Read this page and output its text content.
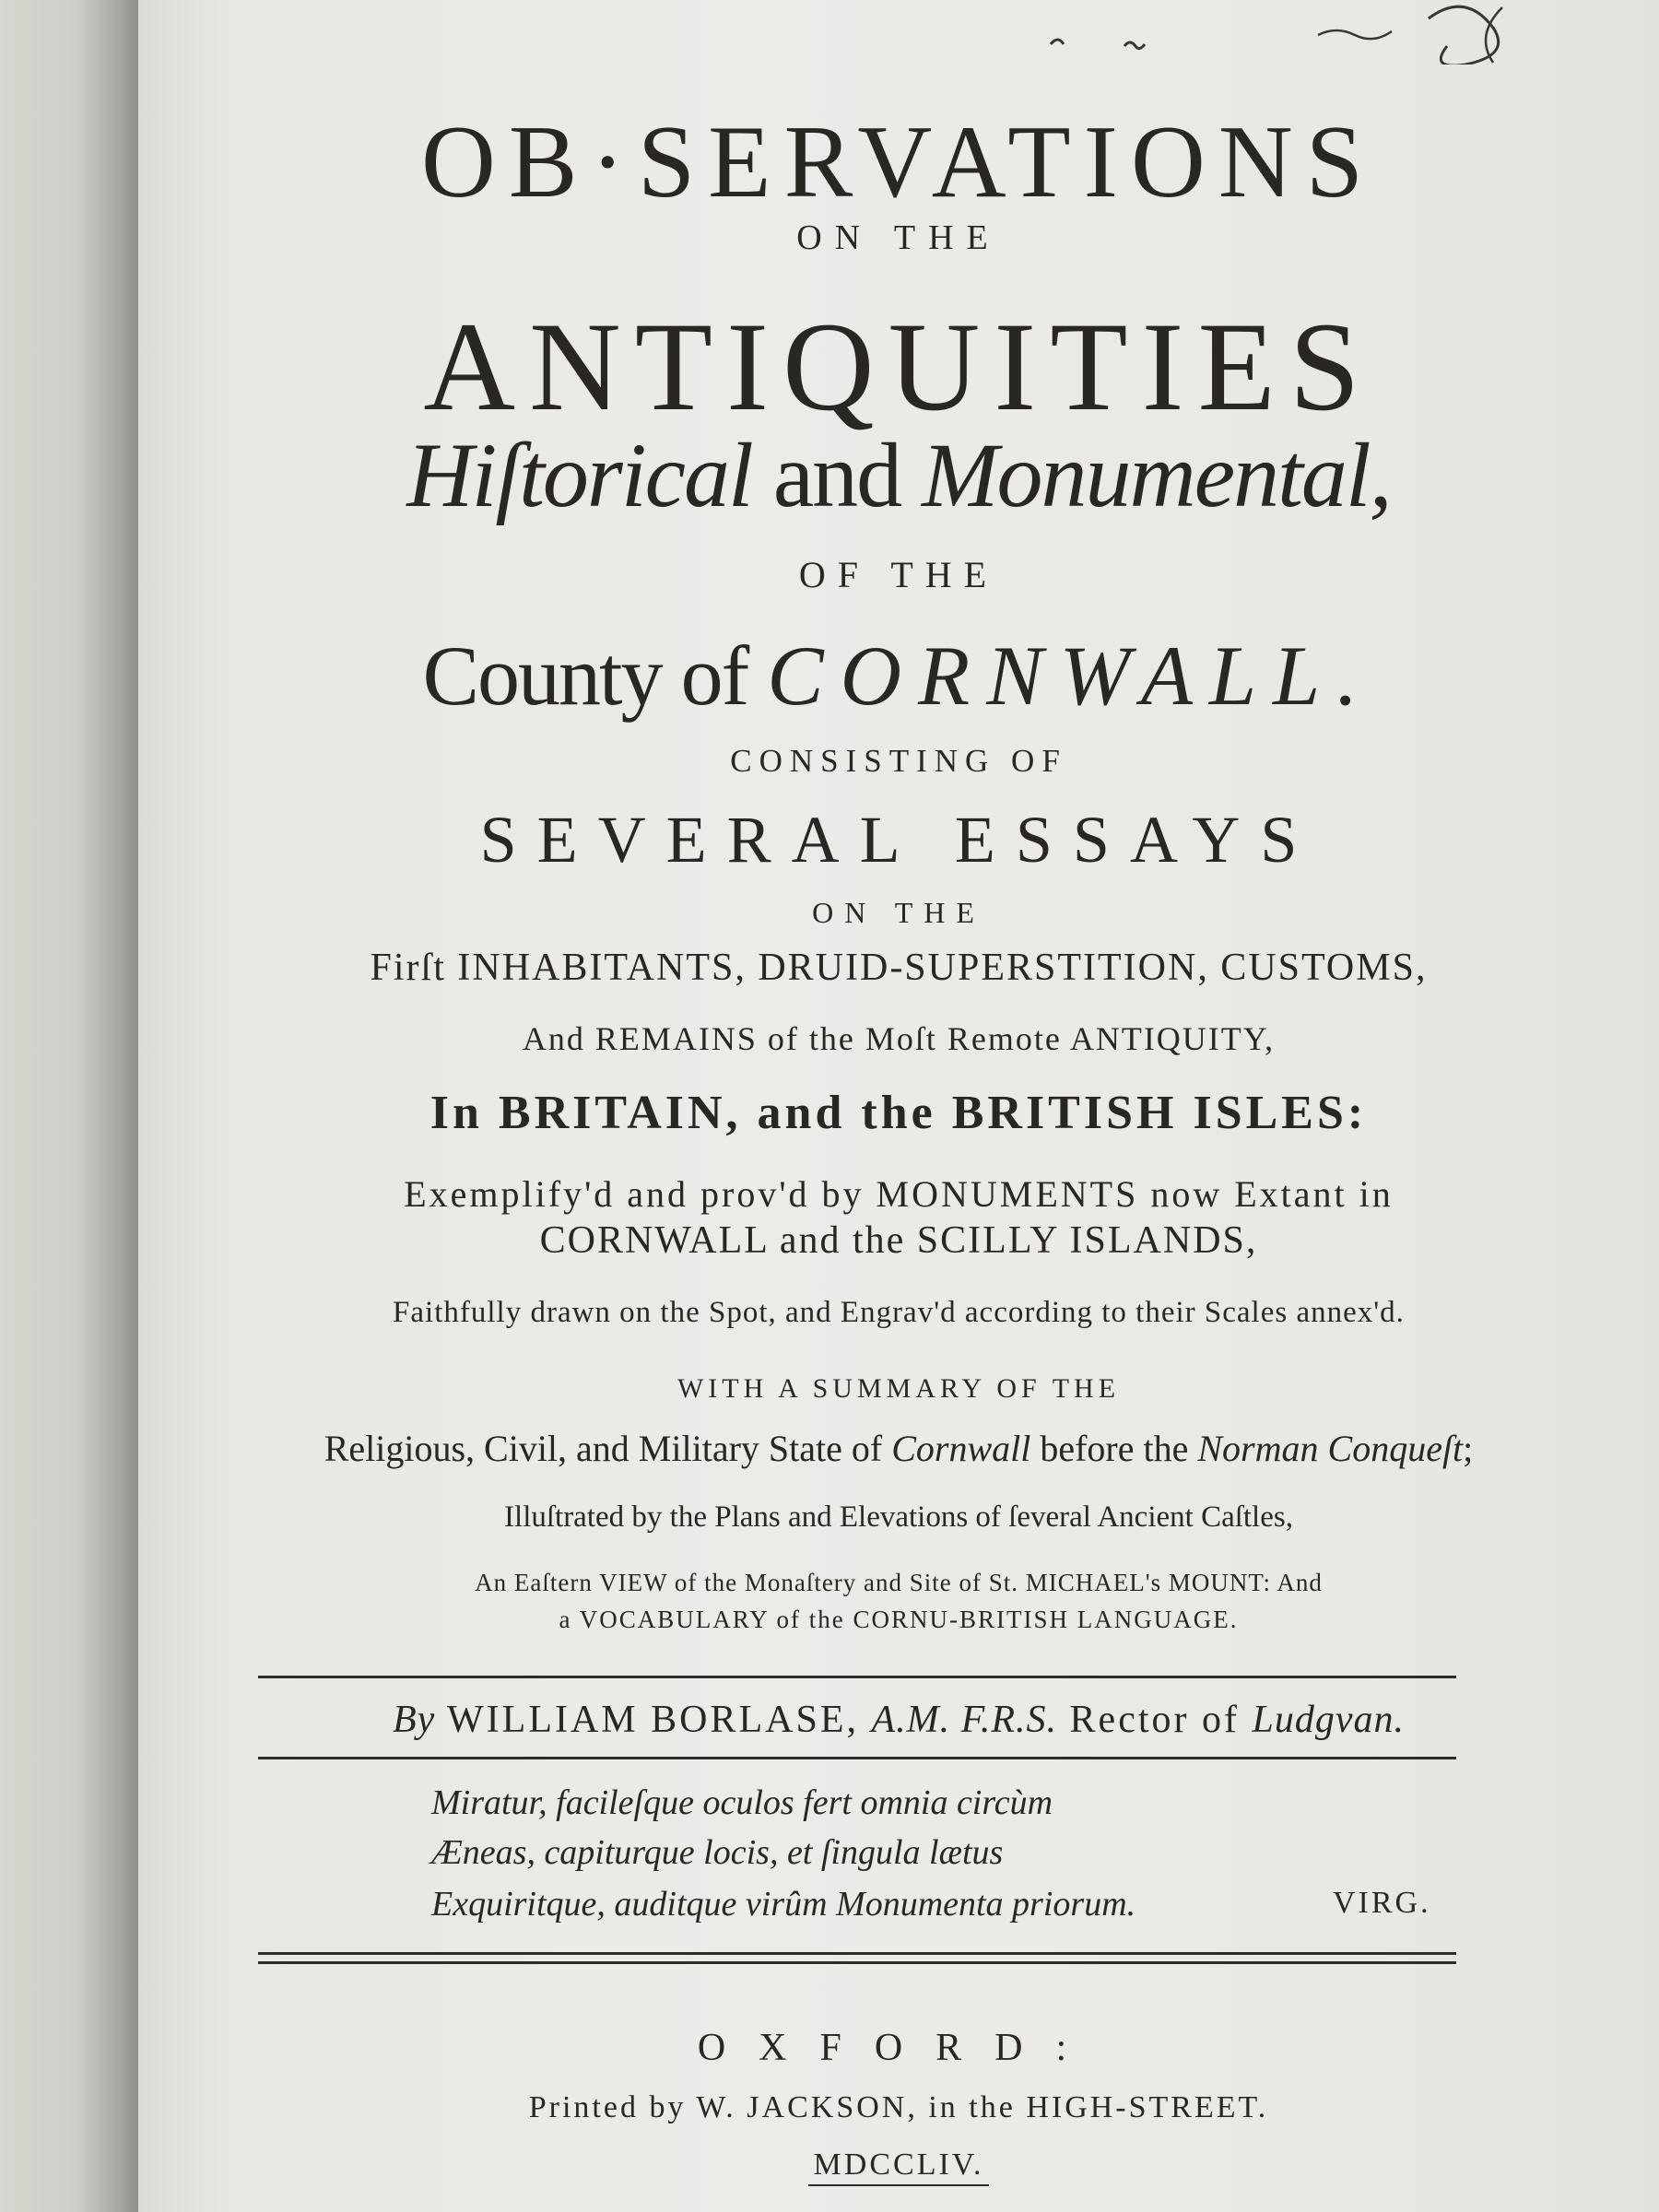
OB·SERVATIONS
ON THE
ANTIQUITIES
Hiſtorical and Monumental,
OF THE
County of CORNWALL.
CONSISTING OF
SEVERAL ESSAYS
ON THE
Firſt INHABITANTS, DRUID-SUPERSTITION, CUSTOMS,
And REMAINS of the Moſt Remote ANTIQUITY,
In BRITAIN, and the BRITISH ISLES:
Exemplify'd and prov'd by MONUMENTS now Extant in
CORNWALL and the SCILLY ISLANDS,
Faithfully drawn on the Spot, and Engrav'd according to their Scales annex'd.
WITH A SUMMARY OF THE
Religious, Civil, and Military State of Cornwall before the Norman Conqueſt;
Illuſtrated by the Plans and Elevations of ſeveral Ancient Caſtles,
An Eaſtern VIEW of the Monaſtery and Site of St. MICHAEL's MOUNT: And
a VOCABULARY of the CORNU-BRITISH LANGUAGE.
By WILLIAM BORLASE, A.M. F.R.S. Rector of Ludgvan.
Miratur, facileſque oculos fert omnia circùm
Æneas, capiturque locis, et ſingula lætus
Exquiritque, auditque virûm Monumenta priorum.	VIRG.
OXFORD:
Printed by W. JACKSON, in the HIGH-STREET.
MDCCLIV.
